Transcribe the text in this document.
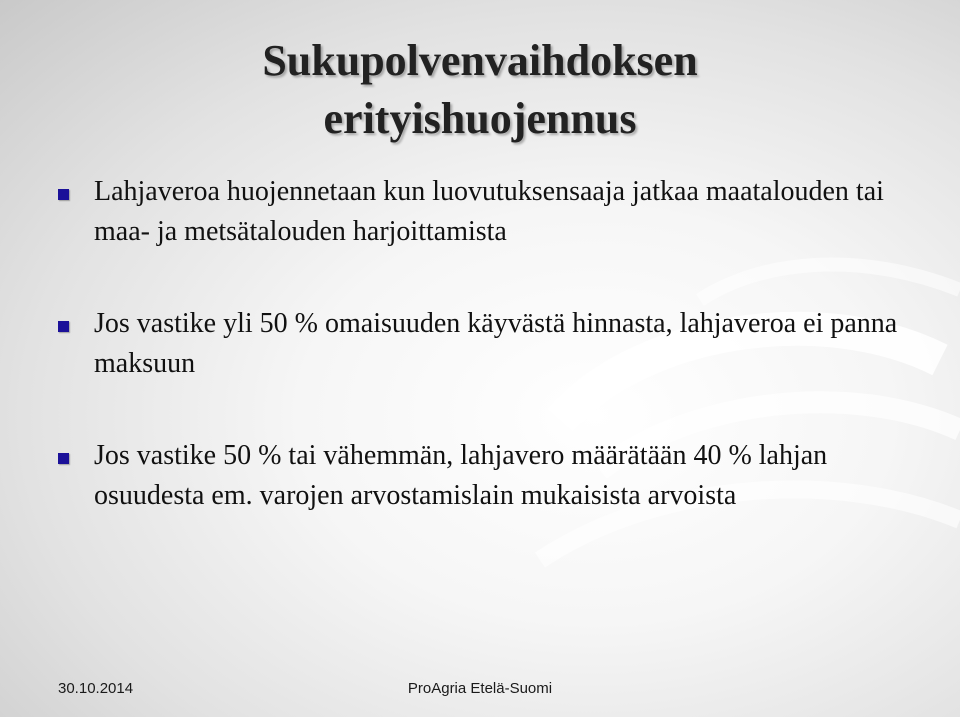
Sukupolvenvaihdoksen
erityishuojennus
Lahjaveroa huojennetaan kun luovutuksensaaja jatkaa maatalouden tai maa- ja metsätalouden harjoittamista
Jos vastike yli 50 % omaisuuden käyvästä hinnasta, lahjaveroa ei panna maksuun
Jos vastike 50 % tai vähemmän, lahjavero määrätään 40 % lahjan osuudesta em. varojen arvostamislain mukaisista arvoista
30.10.2014	ProAgria Etelä-Suomi
